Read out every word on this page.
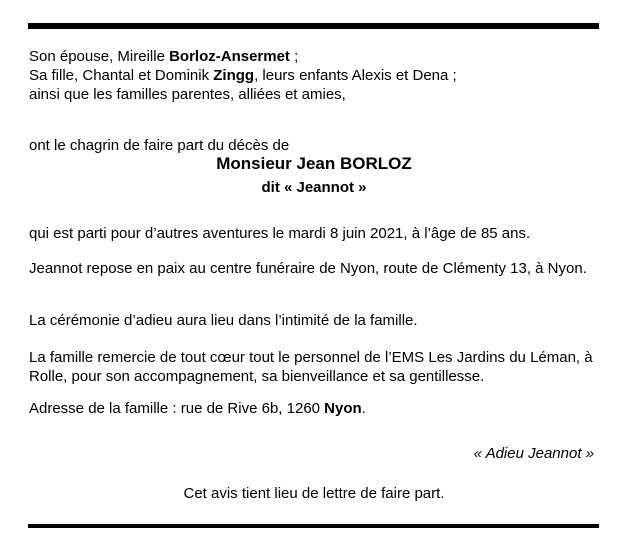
Son épouse, Mireille Borloz-Ansermet ;
Sa fille, Chantal et Dominik Zingg, leurs enfants Alexis et Dena ;
ainsi que les familles parentes, alliées et amies,
ont le chagrin de faire part du décès de
Monsieur Jean BORLOZ
dit « Jeannot »
qui est parti pour d’autres aventures le mardi 8 juin 2021, à l’âge de 85 ans.
Jeannot repose en paix au centre funéraire de Nyon, route de Clémenty 13, à Nyon.
La cérémonie d’adieu aura lieu dans l’intimité de la famille.
La famille remercie de tout cœur tout le personnel de l’EMS Les Jardins du Léman, à Rolle, pour son accompagnement, sa bienveillance et sa gentillesse.
Adresse de la famille : rue de Rive 6b, 1260 Nyon.
« Adieu Jeannot »
Cet avis tient lieu de lettre de faire part.
